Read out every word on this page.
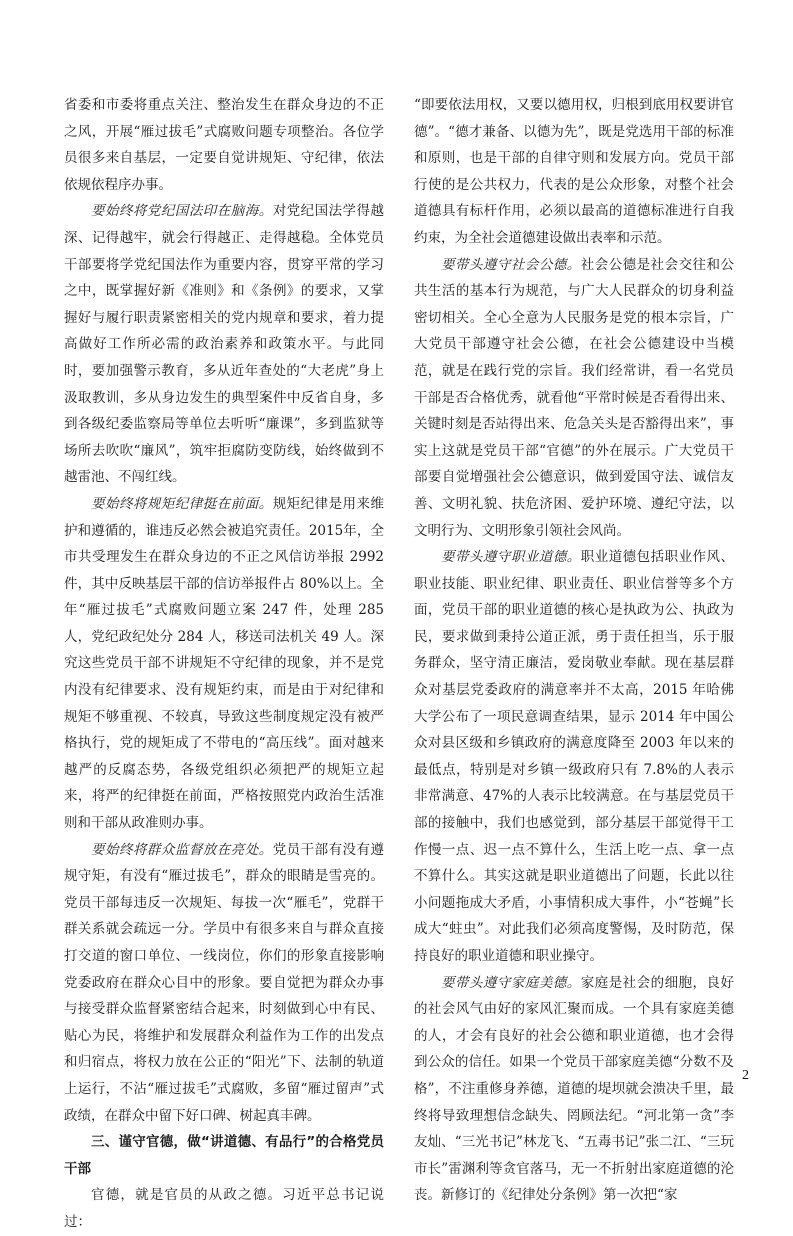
省委和市委将重点关注、整治发生在群众身边的不正之风，开展“雁过拔毛”式腐败问题专项整治。各位学员很多来自基层，一定要自觉讲规矩、守纪律，依法依规依程序办事。

要始终将党纪国法印在脑海。对党纪国法学得越深、记得越牢，就会行得越正、走得越稳。全体党员干部要将学党纪国法作为重要内容，贯穿平常的学习之中，既掌握好新《准则》和《条例》的要求，又掌握好与履行职责紧密相关的党内规章和要求，着力提高做好工作所必需的政治素养和政策水平。与此同时，要加强警示教育，多从近年查处的“大老虎”身上汲取教训，多从身边发生的典型案件中反省自身，多到各级纪委监察局等单位去听听“廉课”，多到监狱等场所去吹吹“廉风”，筑牢拒腐防变防线，始终做到不越雷池、不闯红线。

要始终将规矩纪律挺在前面。规矩纪律是用来维护和遵循的，谁违反必然会被追究责任。2015年，全市共受理发生在群众身边的不正之风信访举报 2992件，其中反映基层干部的信访举报件占 80%以上。全年“雁过拔毛”式腐败问题立案 247 件，处理 285 人，党纪政纪处分 284 人，移送司法机关 49 人。深究这些党员干部不讲规矩不守纪律的现象，并不是党内没有纪律要求、没有规矩约束，而是由于对纪律和规矩不够重视、不较真，导致这些制度规定没有被严格执行，党的规矩成了不带电的“高压线”。面对越来越严的反腐态势，各级党组织必须把严的规矩立起来，将严的纪律挺在前面，严格按照党内政治生活准则和干部从政准则办事。

要始终将群众监督放在亮处。党员干部有没有遵规守矩，有没有“雁过拔毛”，群众的眼睛是雪亮的。党员干部每违反一次规矩、每拔一次“雁毛”，党群干群关系就会疏远一分。学员中有很多来自与群众直接打交道的窗口单位、一线岗位，你们的形象直接影响党委政府在群众心目中的形象。要自觉把为群众办事与接受群众监督紧密结合起来，时刻做到心中有民、贴心为民，将维护和发展群众利益作为工作的出发点和归宿点，将权力放在公正的“阳光”下、法制的轨道上运行，不沾“雁过拔毛”式腐败，多留“雁过留声”式政绩，在群众中留下好口碑、树起真丰碑。

三、谨守官德，做“讲道德、有品行”的合格党员干部

官德，就是官员的从政之德。习近平总书记说过：

“即要依法用权，又要以德用权，归根到底用权要讲官德”。“德才兼备、以德为先”，既是党选用干部的标准和原则，也是干部的自律守则和发展方向。党员干部行使的是公共权力，代表的是公众形象，对整个社会道德具有标杆作用，必须以最高的道德标准进行自我约束，为全社会道德建设做出表率和示范。

要带头遵守社会公德。社会公德是社会交往和公共生活的基本行为规范，与广大人民群众的切身利益密切相关。全心全意为人民服务是党的根本宗旨，广大党员干部遵守社会公德，在社会公德建设中当模范，就是在践行党的宗旨。我们经常讲，看一名党员干部是否合格优秀，就看他“平常时候是否看得出来、关键时刻是否站得出来、危急关头是否豁得出来”，事实上这就是党员干部“官德”的外在展示。广大党员干部要自觉增强社会公德意识，做到爱国守法、诚信友善、文明礼貌、扶危济困、爱护环境、遵纪守法，以文明行为、文明形象引领社会风尚。

要带头遵守职业道德。职业道德包括职业作风、职业技能、职业纪律、职业责任、职业信誉等多个方面，党员干部的职业道德的核心是执政为公、执政为民，要求做到秉持公道正派，勇于责任担当，乐于服务群众，坚守清正廉洁，爱岗敬业奉献。现在基层群众对基层党委政府的满意率并不太高，2015 年哈佛大学公布了一项民意调查结果，显示 2014 年中国公众对县区级和乡镇政府的满意度降至 2003 年以来的最低点，特别是对乡镇一级政府只有 7.8%的人表示非常满意、47%的人表示比较满意。在与基层党员干部的接触中，我们也感觉到，部分基层干部觉得干工作慢一点、迟一点不算什么，生活上吃一点、拿一点不算什么。其实这就是职业道德出了问题，长此以往小问题拖成大矛盾，小事情积成大事件，小“苍蝇”长成大“蛀虫”。对此我们必须高度警惕，及时防范，保持良好的职业道德和职业操守。

要带头遵守家庭美德。家庭是社会的细胞，良好的社会风气由好的家风汇聚而成。一个具有家庭美德的人，才会有良好的社会公德和职业道德，也才会得到公众的信任。如果一个党员干部家庭美德“分数不及格”，不注重修身养德，道德的堤坝就会溃决千里，最终将导致理想信念缺失、罔顾法纪。“河北第一贪”李友灿、“三光书记”林龙飞、“五毒书记”张二江、“三玩市长”雷渊利等贪官落马，无一不折射出家庭道德的沦丧。新修订的《纪律处分条例》第一次把“家

2
